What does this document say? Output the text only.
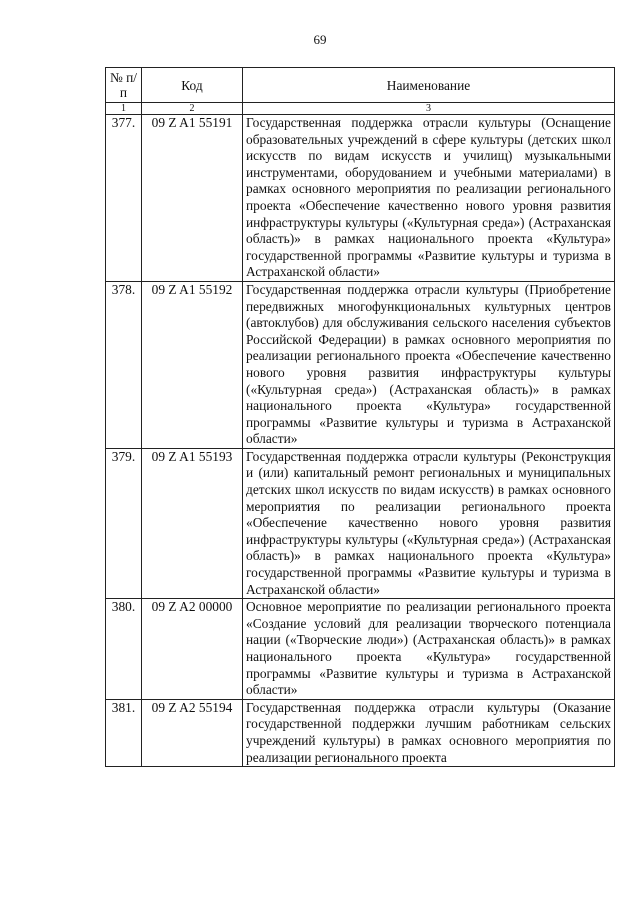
69
№ п/п	Код	Наименование
1	2	3
377.	09 Z A1 55191	Государственная поддержка отрасли культуры (Оснащение образовательных учреждений в сфере культуры (детских школ искусств по видам искусств и училищ) музыкальными инструментами, оборудованием и учебными материалами) в рамках основного мероприятия по реализации регионального проекта «Обеспечение качественно нового уровня развития инфраструктуры культуры («Культурная среда») (Астраханская область)» в рамках национального проекта «Культура» государственной программы «Развитие культуры и туризма в Астраханской области»
378.	09 Z A1 55192	Государственная поддержка отрасли культуры (Приобретение передвижных многофункциональных культурных центров (автоклубов) для обслуживания сельского населения субъектов Российской Федерации) в рамках основного мероприятия по реализации регионального проекта «Обеспечение качественно нового уровня развития инфраструктуры культуры («Культурная среда») (Астраханская область)» в рамках национального проекта «Культура» государственной программы «Развитие культуры и туризма в Астраханской области»
379.	09 Z A1 55193	Государственная поддержка отрасли культуры (Реконструкция и (или) капитальный ремонт региональных и муниципальных детских школ искусств по видам искусств) в рамках основного мероприятия по реализации регионального проекта «Обеспечение качественно нового уровня развития инфраструктуры культуры («Культурная среда») (Астраханская область)» в рамках национального проекта «Культура» государственной программы «Развитие культуры и туризма в Астраханской области»
380.	09 Z A2 00000	Основное мероприятие по реализации регионального проекта «Создание условий для реализации творческого потенциала нации («Творческие люди») (Астраханская область)» в рамках национального проекта «Культура» государственной программы «Развитие культуры и туризма в Астраханской области»
381.	09 Z A2 55194	Государственная поддержка отрасли культуры (Оказание государственной поддержки лучшим работникам сельских учреждений культуры) в рамках основного мероприятия по реализации регионального проекта
